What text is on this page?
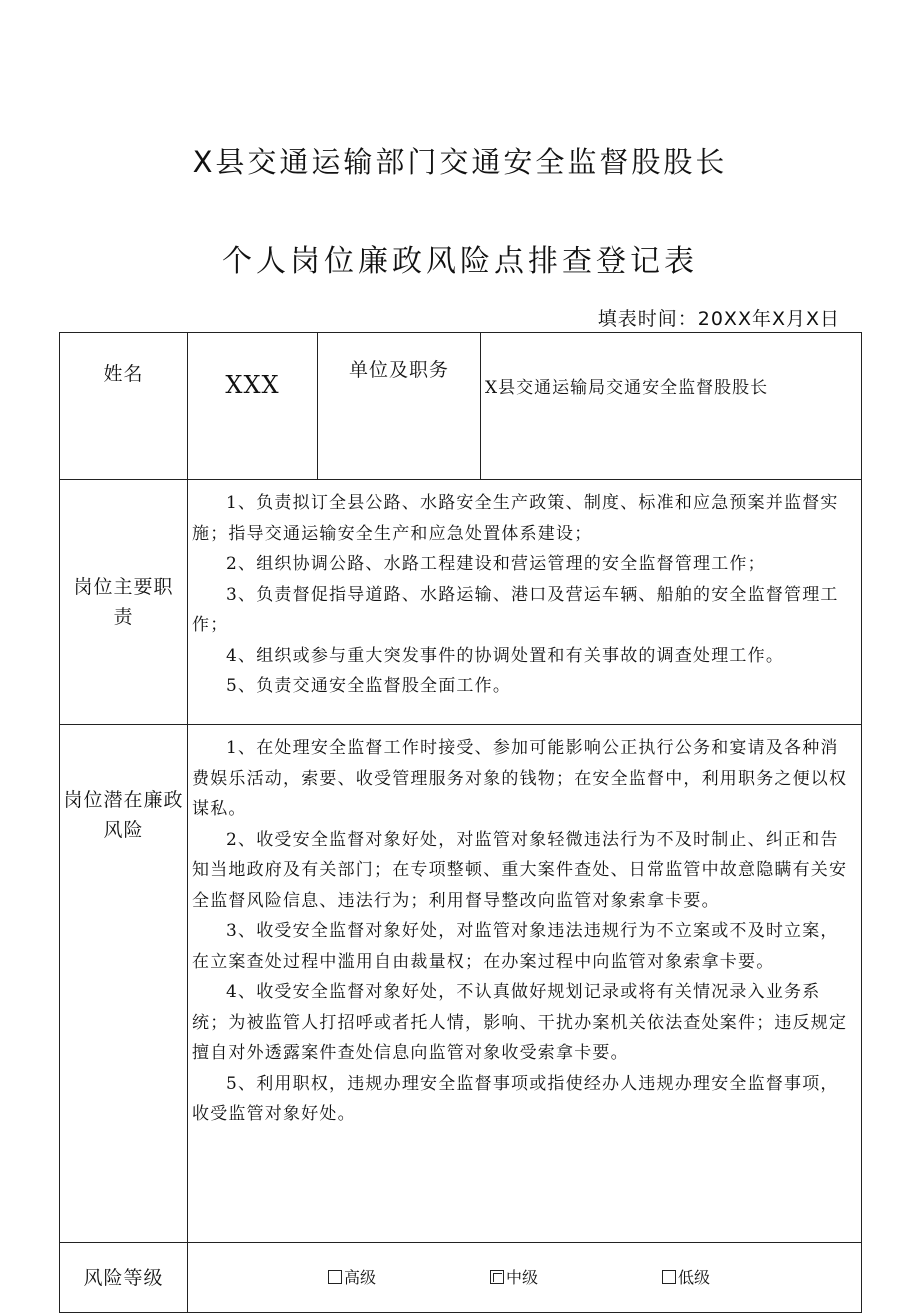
X县交通运输部门交通安全监督股股长
个人岗位廉政风险点排查登记表
填表时间：20XX年X月X日
姓名	XXX	单位及职务	X县交通运输局交通安全监督股股长
岗位主要职责	1、负责拟订全县公路、水路安全生产政策、制度、标准和应急预案并监督实施；指导交通运输安全生产和应急处置体系建设；

2、组织协调公路、水路工程建设和营运管理的安全监督管理工作；

3、负责督促指导道路、水路运输、港口及营运车辆、船舶的安全监督管理工作；

4、组织或参与重大突发事件的协调处置和有关事故的调查处理工作。

5、负责交通安全监督股全面工作。		

岗位潜在廉政风险	1、在处理安全监督工作时接受、参加可能影响公正执行公务和宴请及各种消费娱乐活动，索要、收受管理服务对象的钱物；在安全监督中，利用职务之便以权谋私。

2、收受安全监督对象好处，对监管对象轻微违法行为不及时制止、纠正和告知当地政府及有关部门；在专项整顿、重大案件查处、日常监管中故意隐瞒有关安全监督风险信息、违法行为；利用督导整改向监管对象索拿卡要。

3、收受安全监督对象好处，对监管对象违法违规行为不立案或不及时立案，在立案查处过程中滥用自由裁量权；在办案过程中向监管对象索拿卡要。

4、收受安全监督对象好处，不认真做好规划记录或将有关情况录入业务系统；为被监管人打招呼或者托人情，影响、干扰办案机关依法查处案件；违反规定擅自对外透露案件查处信息向监管对象收受索拿卡要。

5、利用职权，违规办理安全监督事项或指使经办人违规办理安全监督事项，收受监管对象好处。		

风险等级	高级 中级 低级		
